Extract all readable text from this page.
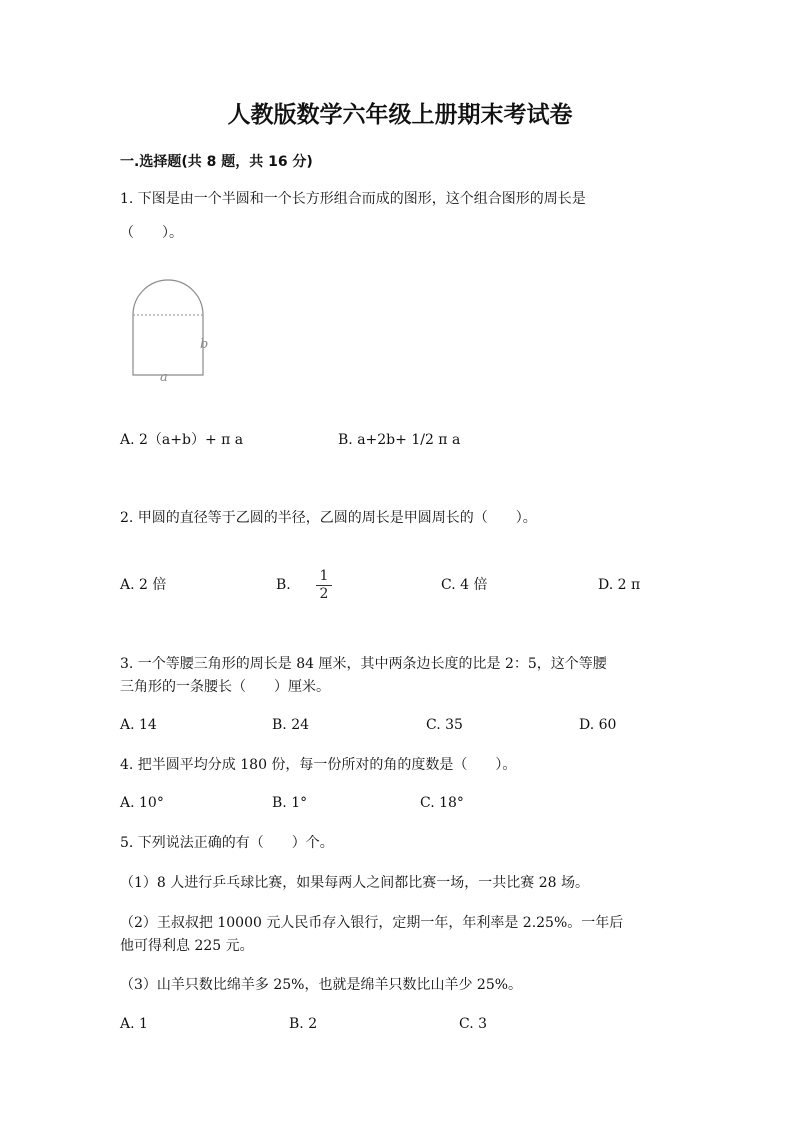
人教版数学六年级上册期末考试卷
一.选择题(共 8 题，共 16 分)
1. 下图是由一个半圆和一个长方形组合而成的图形，这个组合图形的周长是
（　　）。
b
a
A. 2（a+b）+ π a	B. a+2b+ 1/2 π a
2. 甲圆的直径等于乙圆的半径，乙圆的周长是甲圆周长的（　　）。
A. 2 倍	B.
1
2
C. 4 倍	D. 2 π
3. 一个等腰三角形的周长是 84 厘米，其中两条边长度的比是 2：5，这个等腰
三角形的一条腰长（　　）厘米。
A. 14	B. 24	C. 35	D. 60
4. 把半圆平均分成 180 份，每一份所对的角的度数是（　　）。
A. 10°	B. 1°	C. 18°
5. 下列说法正确的有（　　）个。
（1）8 人进行乒乓球比赛，如果每两人之间都比赛一场，一共比赛 28 场。
（2）王叔叔把 10000 元人民币存入银行，定期一年，年利率是 2.25%。一年后
他可得利息 225 元。
（3）山羊只数比绵羊多 25%，也就是绵羊只数比山羊少 25%。
A. 1	B. 2	C. 3
